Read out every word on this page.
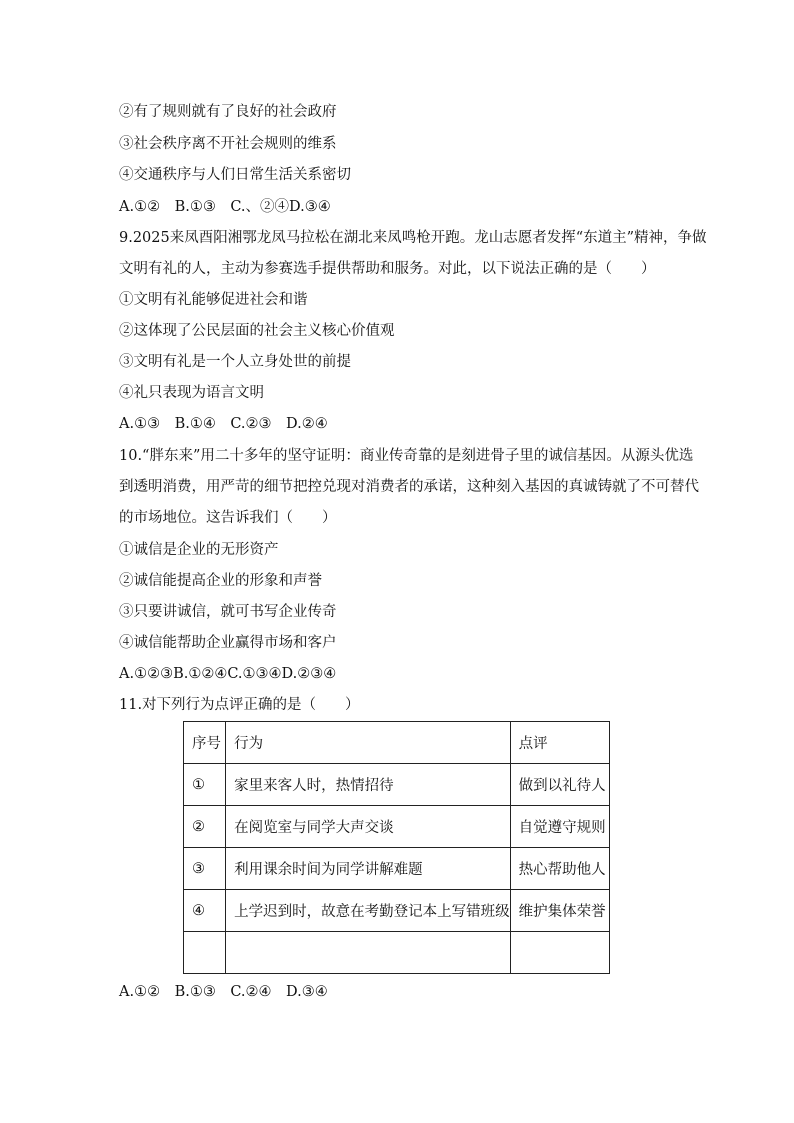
②有了规则就有了良好的社会政府
③社会秩序离不开社会规则的维系
④交通秩序与人们日常生活关系密切
A.①②　B.①③　C.、②④D.③④
9.2025来凤酉阳湘鄂龙凤马拉松在湖北来凤鸣枪开跑。龙山志愿者发挥“东道主”精神，争做
文明有礼的人，主动为参赛选手提供帮助和服务。对此，以下说法正确的是（　　）
①文明有礼能够促进社会和谐
②这体现了公民层面的社会主义核心价值观
③文明有礼是一个人立身处世的前提
④礼只表现为语言文明
A.①③　B.①④　C.②③　D.②④
10.“胖东来”用二十多年的坚守证明：商业传奇靠的是刻进骨子里的诚信基因。从源头优选
到透明消费，用严苛的细节把控兑现对消费者的承诺，这种刻入基因的真诚铸就了不可替代
的市场地位。这告诉我们（　　）
①诚信是企业的无形资产
②诚信能提高企业的形象和声誉
③只要讲诚信，就可书写企业传奇
④诚信能帮助企业赢得市场和客户
A.①②③B.①②④C.①③④D.②③④
11.对下列行为点评正确的是（　　）
序号	行为	点评
①	家里来客人时，热情招待	做到以礼待人
②	在阅览室与同学大声交谈	自觉遵守规则
③	利用课余时间为同学讲解难题	热心帮助他人
④	上学迟到时，故意在考勤登记本上写错班级	维护集体荣誉

A.①②　B.①③　C.②④　D.③④
